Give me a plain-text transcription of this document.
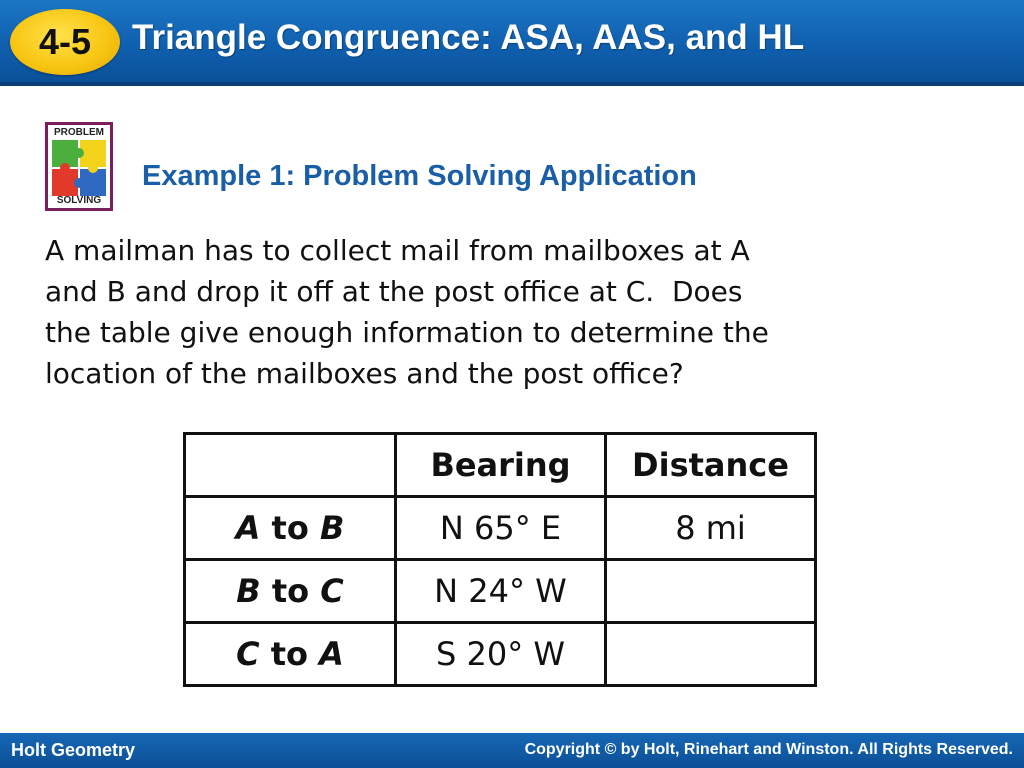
4-5 Triangle Congruence: ASA, AAS, and HL
PROBLEM
SOLVING
Example 1: Problem Solving Application
A mailman has to collect mail from mailboxes at A
and B and drop it off at the post office at C.  Does
the table give enough information to determine the
location of the mailboxes and the post office?
	Bearing	Distance
A to B	N 65° E	8 mi
B to C	N 24° W	
C to A	S 20° W	
Holt Geometry	Copyright © by Holt, Rinehart and Winston. All Rights Reserved.
